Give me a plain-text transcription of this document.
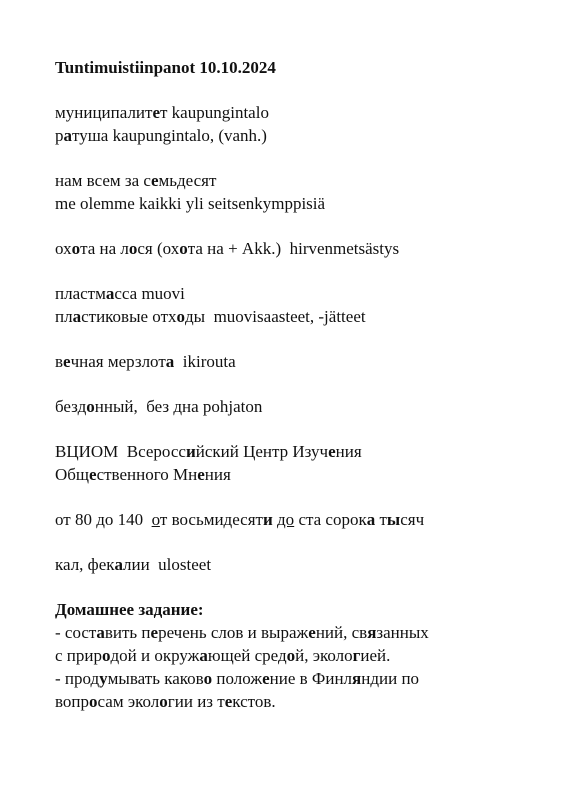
Tuntimuistiinpanot 10.10.2024
муниципалитет kaupungintalo
ратуша kaupungintalo, (vanh.)
нам всем за семьдесят
me olemme kaikki yli seitsenkymppisiä
охота на лося (охота на + Akk.)  hirvenmetsästys
пластмасса muovi
пластиковые отходы  muovisaasteet, -jätteet
вечная мерзлота  ikirouta
бездонный,  без дна pohjaton
ВЦИОМ  Всероссийский Центр Изучения
Общественного Мнения
от 80 до 140  от восьмидесяти до ста сорока тысяч
кал, фекалии  ulosteet
Домашнее задание:
- составить перечень слов и выражений, связанных
с природой и окружающей средой, экологией.
- продумывать каково положение в Финляндии по
вопросам экологии из текстов.
